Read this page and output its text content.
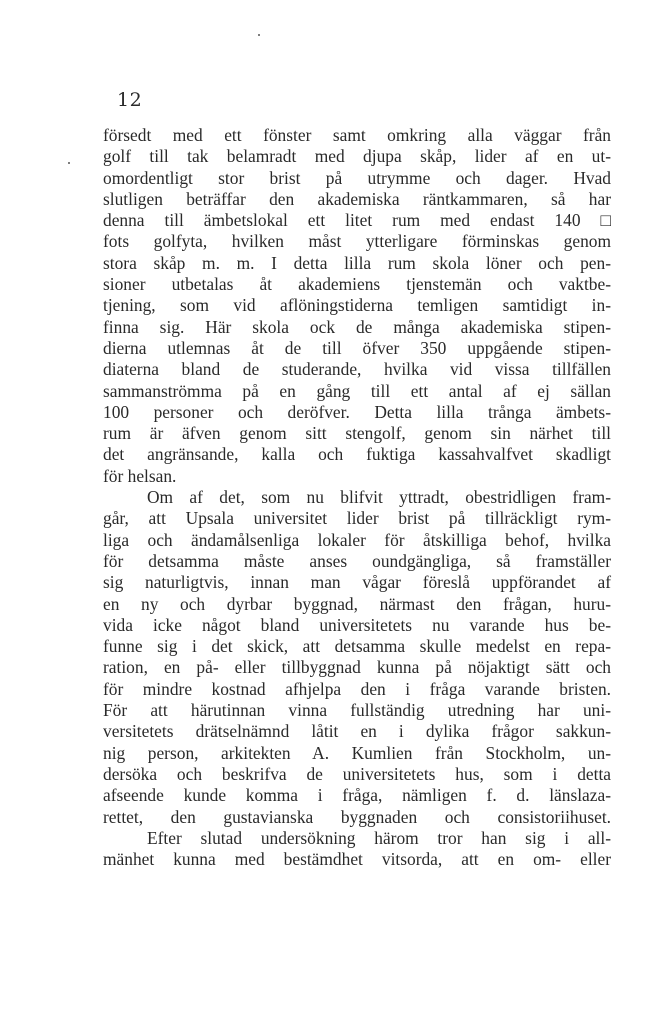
12
försedt med ett fönster samt omkring alla väggar från
golf till tak belamradt med djupa skåp, lider af en ut-
omordentligt stor brist på utrymme och dager. Hvad
slutligen beträffar den akademiska räntkammaren, så har
denna till ämbetslokal ett litet rum med endast 140 □
fots golfyta, hvilken måst ytterligare förminskas genom
stora skåp m. m. I detta lilla rum skola löner och pen-
sioner utbetalas åt akademiens tjenstemän och vaktbe-
tjening, som vid aflöningstiderna temligen samtidigt in-
finna sig. Här skola ock de många akademiska stipen-
dierna utlemnas åt de till öfver 350 uppgående stipen-
diaterna bland de studerande, hvilka vid vissa tillfällen
sammanströmma på en gång till ett antal af ej sällan
100 personer och deröfver. Detta lilla trånga ämbets-
rum är äfven genom sitt stengolf, genom sin närhet till
det angränsande, kalla och fuktiga kassahvalfvet skadligt
för helsan.
Om af det, som nu blifvit yttradt, obestridligen fram-
går, att Upsala universitet lider brist på tillräckligt rym-
liga och ändamålsenliga lokaler för åtskilliga behof, hvilka
för detsamma måste anses oundgängliga, så framställer
sig naturligtvis, innan man vågar föreslå uppförandet af
en ny och dyrbar byggnad, närmast den frågan, huru-
vida icke något bland universitetets nu varande hus be-
funne sig i det skick, att detsamma skulle medelst en repa-
ration, en på- eller tillbyggnad kunna på nöjaktigt sätt och
för mindre kostnad afhjelpa den i fråga varande bristen.
För att härutinnan vinna fullständig utredning har uni-
versitetets drätselnämnd låtit en i dylika frågor sakkun-
nig person, arkitekten A. Kumlien från Stockholm, un-
dersöka och beskrifva de universitetets hus, som i detta
afseende kunde komma i fråga, nämligen f. d. länslaza-
rettet, den gustavianska byggnaden och consistoriihuset.
Efter slutad undersökning härom tror han sig i all-
mänhet kunna med bestämdhet vitsorda, att en om- eller
